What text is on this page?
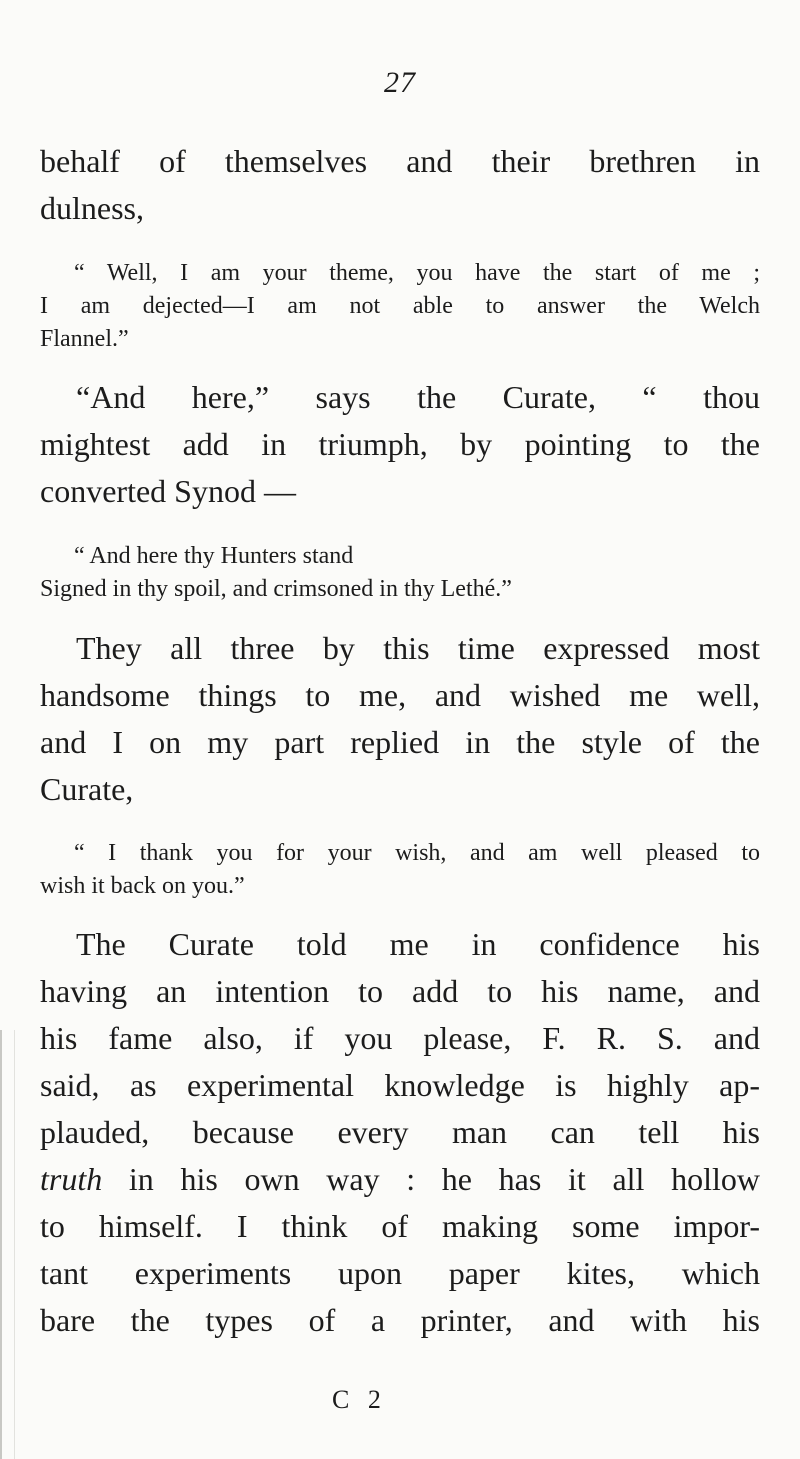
27

behalf of themselves and their brethren in

dulness,

“ Well, I am your theme, you have the start of me ;

I am dejected—I am not able to answer the Welch

Flannel.”

“And here,” says the Curate, “ thou

mightest add in triumph, by pointing to the

converted Synod —

“ And here thy Hunters stand

Signed in thy spoil, and crimsoned in thy Lethé.”

They all three by this time expressed most

handsome things to me, and wished me well,

and I on my part replied in the style of the

Curate,

“ I thank you for your wish, and am well pleased to

wish it back on you.”

The Curate told me in confidence his

having an intention to add to his name, and

his fame also, if you please, F. R. S. and

said, as experimental knowledge is highly ap-

plauded, because every man can tell his

truth in his own way : he has it all hollow

to himself. I think of making some impor-

tant experiments upon paper kites, which

bare the types of a printer, and with his

C 2
